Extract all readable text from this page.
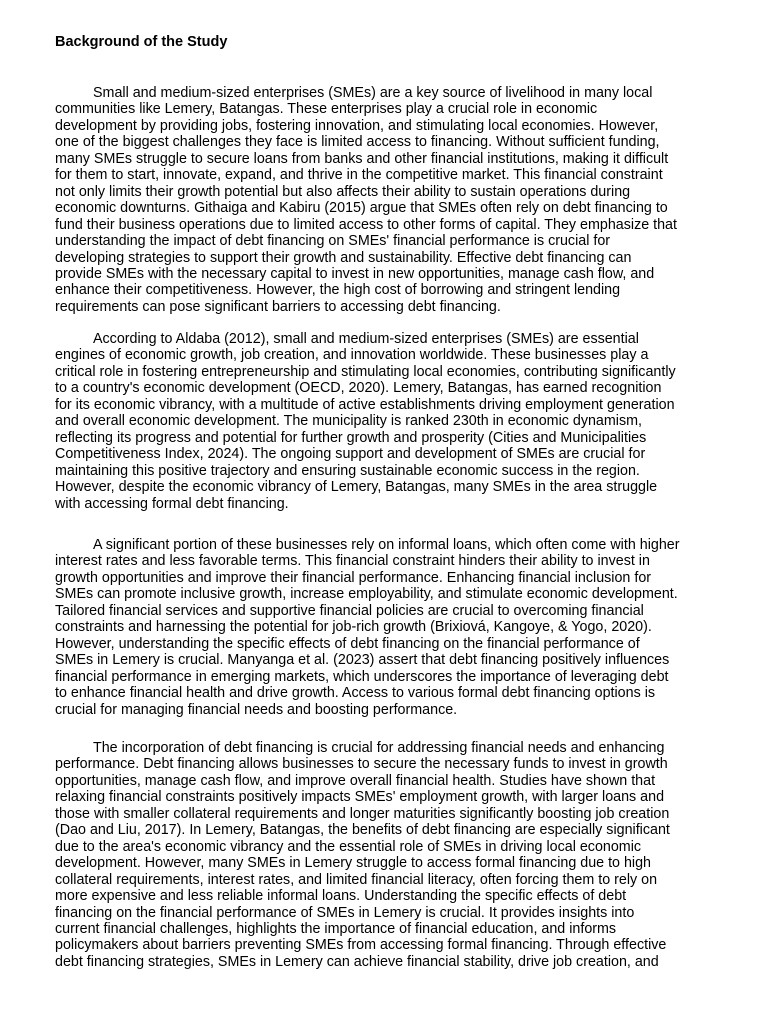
Background of the Study
Small and medium-sized enterprises (SMEs) are a key source of livelihood in many local
communities like Lemery, Batangas. These enterprises play a crucial role in economic
development by providing jobs, fostering innovation, and stimulating local economies. However,
one of the biggest challenges they face is limited access to financing. Without sufficient funding,
many SMEs struggle to secure loans from banks and other financial institutions, making it difficult
for them to start, innovate, expand, and thrive in the competitive market. This financial constraint
not only limits their growth potential but also affects their ability to sustain operations during
economic downturns. Githaiga and Kabiru (2015) argue that SMEs often rely on debt financing to
fund their business operations due to limited access to other forms of capital. They emphasize that
understanding the impact of debt financing on SMEs' financial performance is crucial for
developing strategies to support their growth and sustainability. Effective debt financing can
provide SMEs with the necessary capital to invest in new opportunities, manage cash flow, and
enhance their competitiveness. However, the high cost of borrowing and stringent lending
requirements can pose significant barriers to accessing debt financing.
According to Aldaba (2012), small and medium-sized enterprises (SMEs) are essential
engines of economic growth, job creation, and innovation worldwide. These businesses play a
critical role in fostering entrepreneurship and stimulating local economies, contributing significantly
to a country's economic development (OECD, 2020). Lemery, Batangas, has earned recognition
for its economic vibrancy, with a multitude of active establishments driving employment generation
and overall economic development. The municipality is ranked 230th in economic dynamism,
reflecting its progress and potential for further growth and prosperity (Cities and Municipalities
Competitiveness Index, 2024). The ongoing support and development of SMEs are crucial for
maintaining this positive trajectory and ensuring sustainable economic success in the region.
However, despite the economic vibrancy of Lemery, Batangas, many SMEs in the area struggle
with accessing formal debt financing.
A significant portion of these businesses rely on informal loans, which often come with higher
interest rates and less favorable terms. This financial constraint hinders their ability to invest in
growth opportunities and improve their financial performance. Enhancing financial inclusion for
SMEs can promote inclusive growth, increase employability, and stimulate economic development.
Tailored financial services and supportive financial policies are crucial to overcoming financial
constraints and harnessing the potential for job-rich growth (Brixiová, Kangoye, & Yogo, 2020).
However, understanding the specific effects of debt financing on the financial performance of
SMEs in Lemery is crucial. Manyanga et al. (2023) assert that debt financing positively influences
financial performance in emerging markets, which underscores the importance of leveraging debt
to enhance financial health and drive growth. Access to various formal debt financing options is
crucial for managing financial needs and boosting performance.
The incorporation of debt financing is crucial for addressing financial needs and enhancing
performance. Debt financing allows businesses to secure the necessary funds to invest in growth
opportunities, manage cash flow, and improve overall financial health. Studies have shown that
relaxing financial constraints positively impacts SMEs' employment growth, with larger loans and
those with smaller collateral requirements and longer maturities significantly boosting job creation
(Dao and Liu, 2017). In Lemery, Batangas, the benefits of debt financing are especially significant
due to the area's economic vibrancy and the essential role of SMEs in driving local economic
development. However, many SMEs in Lemery struggle to access formal financing due to high
collateral requirements, interest rates, and limited financial literacy, often forcing them to rely on
more expensive and less reliable informal loans. Understanding the specific effects of debt
financing on the financial performance of SMEs in Lemery is crucial. It provides insights into
current financial challenges, highlights the importance of financial education, and informs
policymakers about barriers preventing SMEs from accessing formal financing. Through effective
debt financing strategies, SMEs in Lemery can achieve financial stability, drive job creation, and
